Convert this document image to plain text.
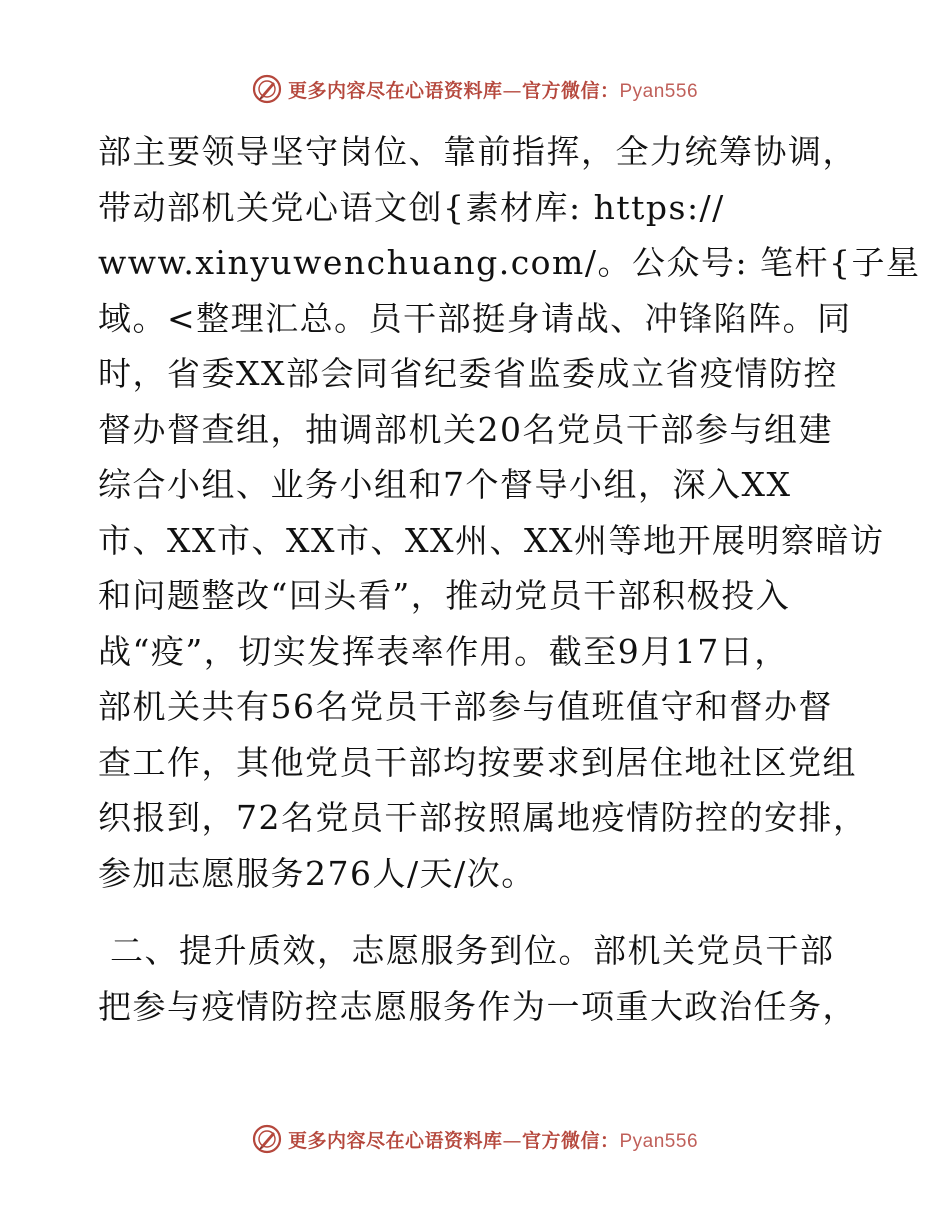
更多内容尽在心语资料库—官方微信：Pyan556
部主要领导坚守岗位、靠前指挥，全力统筹协调，
带动部机关党心语文创{素材库: https://
www.xinyuwenchuang.com/。公众号: 笔杆{子星
域。<整理汇总。员干部挺身请战、冲锋陷阵。同
时，省委XX部会同省纪委省监委成立省疫情防控
督办督查组，抽调部机关20名党员干部参与组建
综合小组、业务小组和7个督导小组，深入XX
市、XX市、XX市、XX州、XX州等地开展明察暗访
和问题整改“回头看”，推动党员干部积极投入
战“疫”，切实发挥表率作用。截至9月17日，
部机关共有56名党员干部参与值班值守和督办督
查工作，其他党员干部均按要求到居住地社区党组
织报到，72名党员干部按照属地疫情防控的安排，
参加志愿服务276人/天/次。
二、提升质效，志愿服务到位。部机关党员干部
把参与疫情防控志愿服务作为一项重大政治任务，
更多内容尽在心语资料库—官方微信：Pyan556
